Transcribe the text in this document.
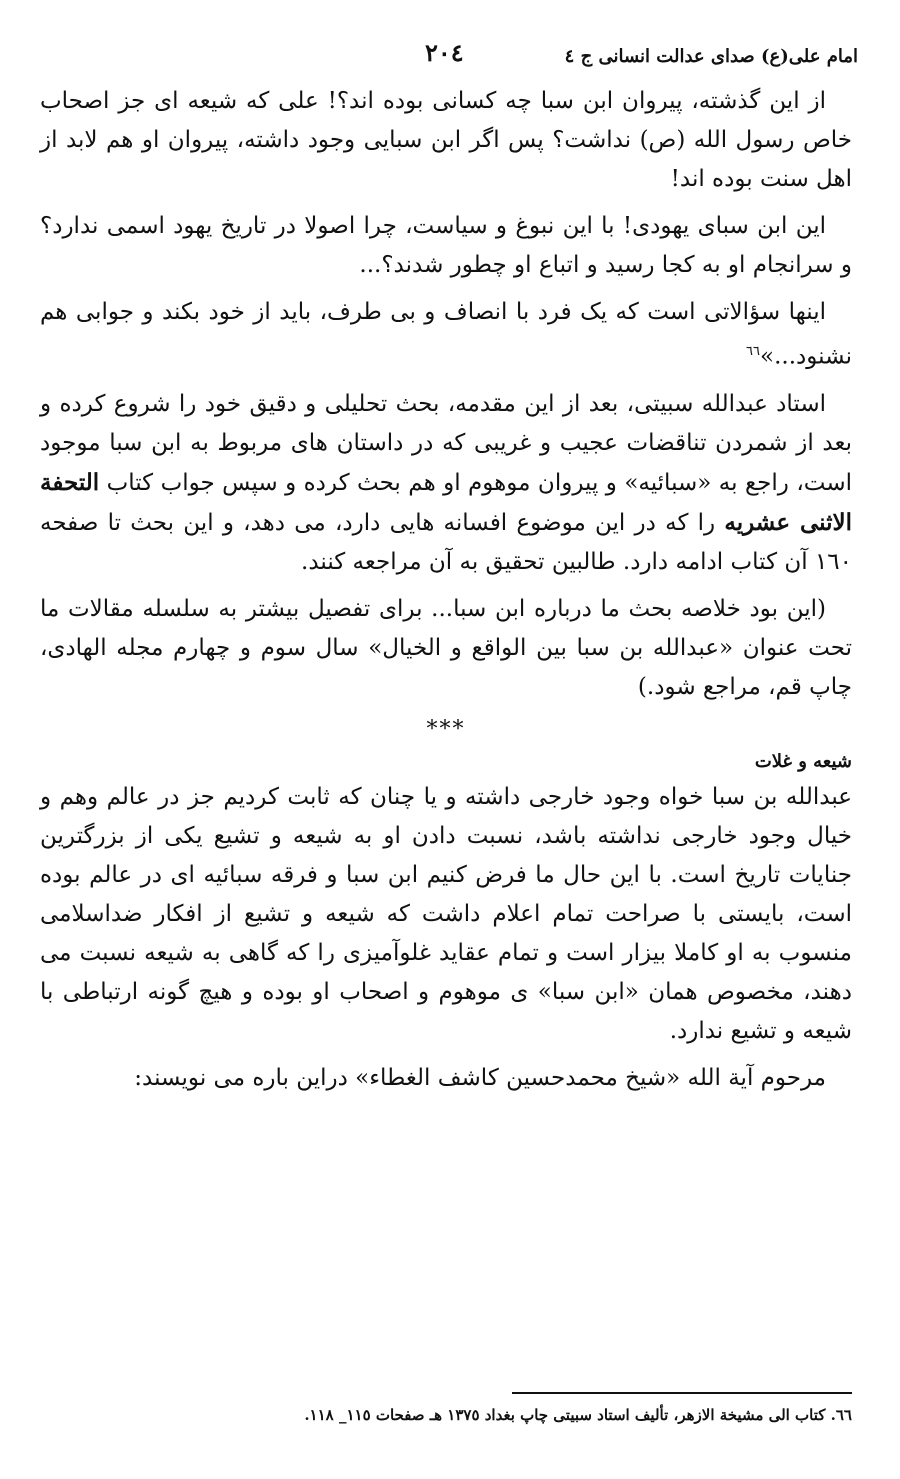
امام علی(ع) صدای عدالت انسانی ج ٤
٢٠٤

از این گذشته، پیروان ابن سبا چه کسانی بوده اند؟! علی که شیعه ای جز اصحاب خاص رسول الله (ص) نداشت؟ پس اگر ابن سبایی وجود داشته، پیروان او هم لابد از اهل سنت بوده اند!

این ابن سبای یهودی! با این نبوغ و سیاست، چرا اصولا در تاریخ یهود اسمی ندارد؟ و سرانجام او به کجا رسید و اتباع او چطور شدند؟...

اینها سؤالاتی است که یک فرد با انصاف و بی طرف، باید از خود بکند و جوابی هم نشنود...»$^{٦٦}$

استاد عبدالله سبیتی، بعد از این مقدمه، بحث تحلیلی و دقیق خود را شروع کرده و بعد از شمردن تناقضات عجیب و غریبی که در داستان های مربوط به ابن سبا موجود است، راجع به «سبائیه» و پیروان موهوم او هم بحث کرده و سپس جواب کتاب التحفة الاثنی عشریه را که در این موضوع افسانه هایی دارد، می دهد، و این بحث تا صفحه ١٦٠ آن کتاب ادامه دارد. طالبین تحقیق به آن مراجعه کنند.

(این بود خلاصه بحث ما درباره ابن سبا... برای تفصیل بیشتر به سلسله مقالات ما تحت عنوان «عبدالله بن سبا بین الواقع و الخیال» سال سوم و چهارم مجله الهادی، چاپ قم، مراجع شود.)

***
شیعه و غلات

عبدالله بن سبا خواه وجود خارجی داشته و یا چنان که ثابت کردیم جز در عالم وهم و خیال وجود خارجی نداشته باشد، نسبت دادن او به شیعه و تشیع یکی از بزرگترین جنایات تاریخ است. با این حال ما فرض کنیم ابن سبا و فرقه سبائیه ای در عالم بوده است، بایستی با صراحت تمام اعلام داشت که شیعه و تشیع از افکار ضداسلامی منسوب به او کاملا بیزار است و تمام عقاید غلوآمیزی را که گاهی به شیعه نسبت می دهند، مخصوص همان «ابن سبا» ی موهوم و اصحاب او بوده و هیچ گونه ارتباطی با شیعه و تشیع ندارد.

مرحوم آیة الله «شیخ محمدحسین کاشف الغطاء» دراین باره می نویسند:

٦٦. کتاب الی مشیخة الازهر، تألیف استاد سبیتی چاپ بغداد ١٣٧٥ هـ صفحات ١١٥_ ١١٨.
